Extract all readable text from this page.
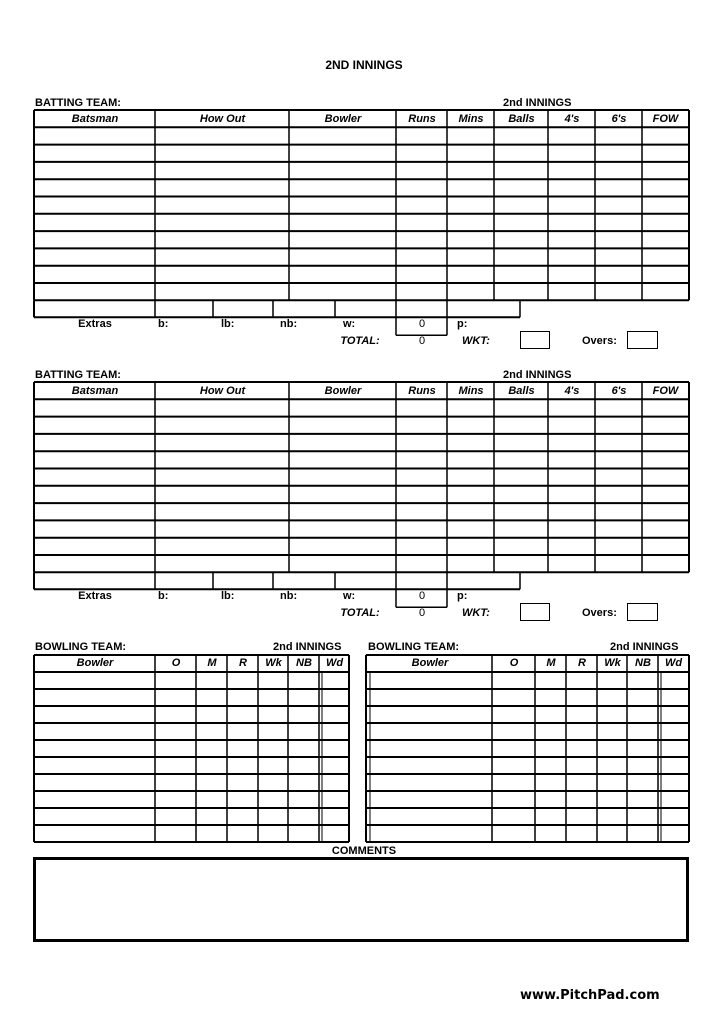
2ND INNINGS
BATTING TEAM:	2nd INNINGS
Batsman	How Out	Bowler	Runs	Mins	Balls	4's	6's	FOW
Extras	b:	lb:	nb:	w:	0	p:
TOTAL:	0	WKT:	Overs:
BATTING TEAM:	2nd INNINGS
Batsman	How Out	Bowler	Runs	Mins	Balls	4's	6's	FOW
Extras	b:	lb:	nb:	w:	0	p:
TOTAL:	0	WKT:	Overs:
BOWLING TEAM:	2nd INNINGS BOWLING TEAM:	2nd INNINGS
Bowler	O	M	R	Wk	NB	Wd	Bowler	O	M	R	Wk	NB	Wd
COMMENTS
www.PitchPad.com
